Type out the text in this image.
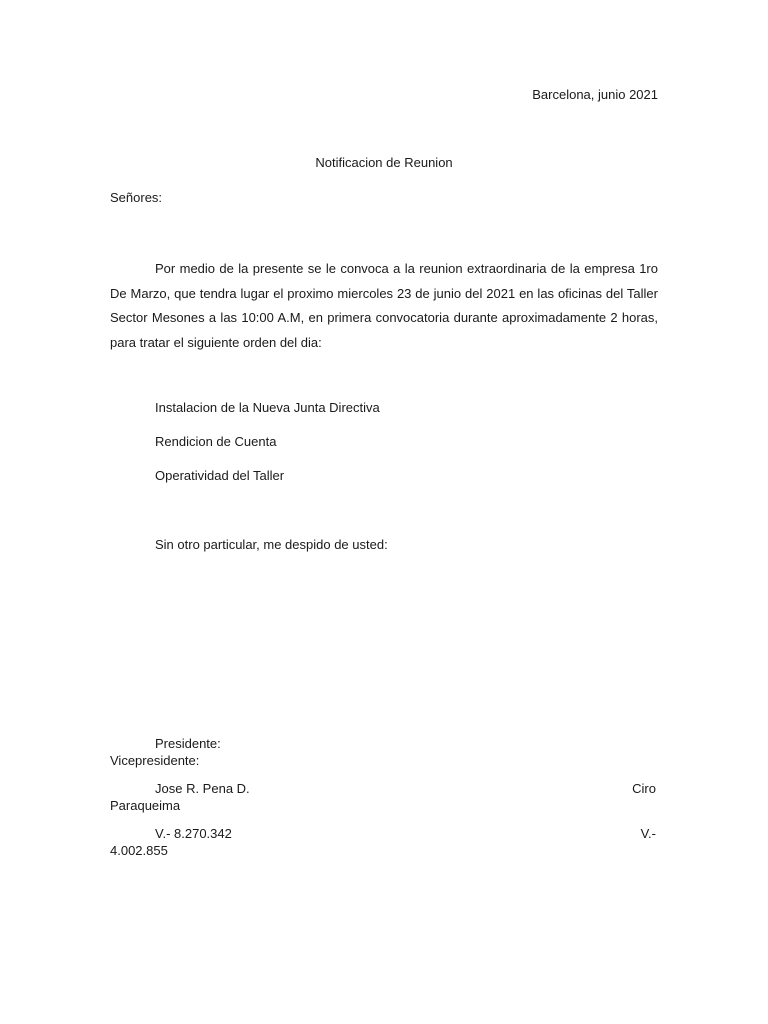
Barcelona, junio 2021
Notificacion de Reunion
Señores:
Por medio de la presente se le convoca a la reunion extraordinaria de la empresa 1ro De Marzo, que tendra lugar el proximo miercoles 23 de junio del 2021 en las oficinas del Taller Sector Mesones a las 10:00 A.M, en primera convocatoria durante aproximadamente 2 horas, para tratar el siguiente orden del dia:
Instalacion de la Nueva Junta Directiva
Rendicion de Cuenta
Operatividad del Taller
Sin otro particular, me despido de usted:
Presidente:
Vicepresidente:
Jose R. Pena D.	Ciro
Paraqueima
V.- 8.270.342	V.-
4.002.855
